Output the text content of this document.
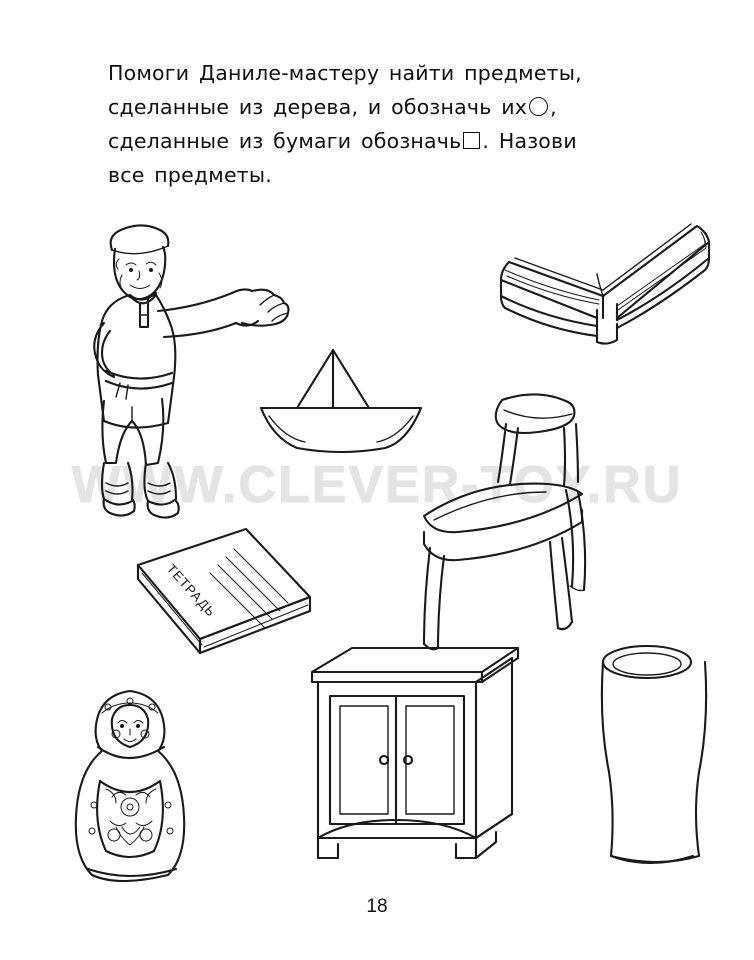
Помоги Даниле-мастеру найти предметы,
сделанные из дерева, и обозначь их ○ ,
сделанные из бумаги обозначь . Назови
все предметы.
WWW.CLEVER-TOY.RU
ТЕТРАДЬ
18
